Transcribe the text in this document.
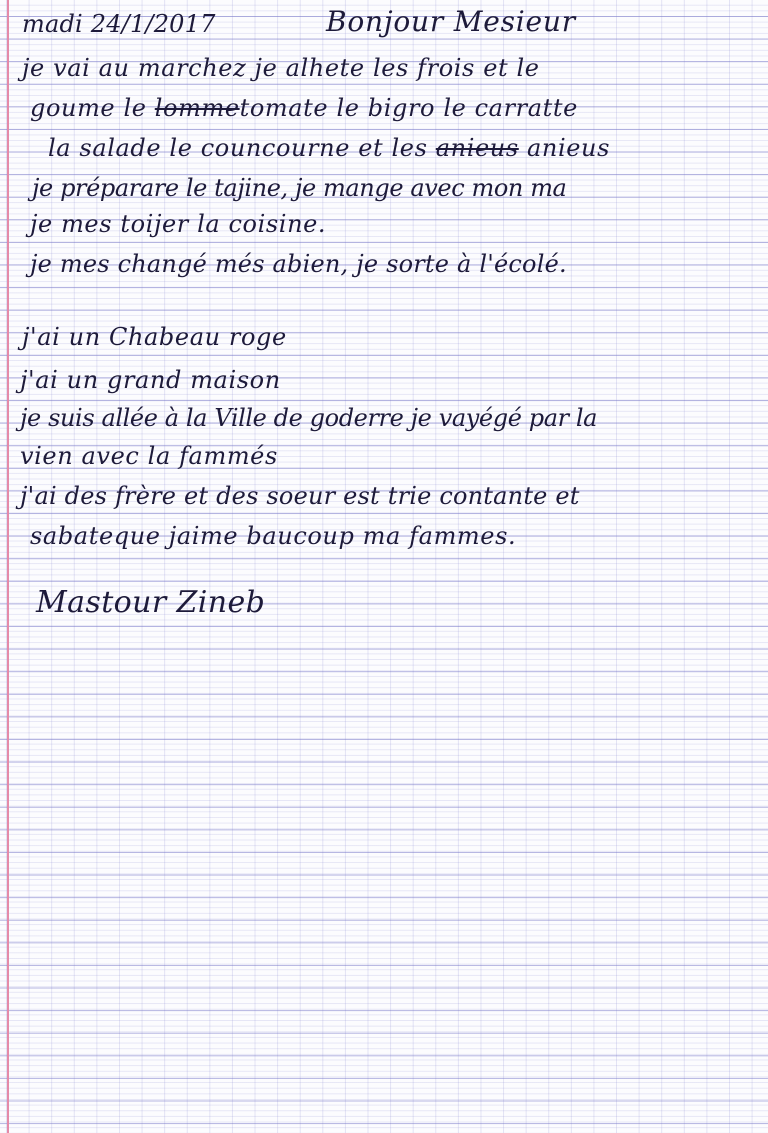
madi 24/1/2017	Bonjour Mesieur
je vai au marchez je alhete les frois et le
goume le lommetomate le bigro le carratte
la salade le councourne et les anieus anieus
je préparare le tajine, je mange avec mon ma
je mes toijer la coisine.
je mes changé més abien, je sorte à l'écolé.
j'ai un Chabeau roge
j'ai un grand maison
je suis allée à la Ville de goderre je vayégé par la
vien avec la fammés
j'ai des frère et des soeur est trie contante et
sabateque jaime baucoup ma fammes.
Mastour Zineb
